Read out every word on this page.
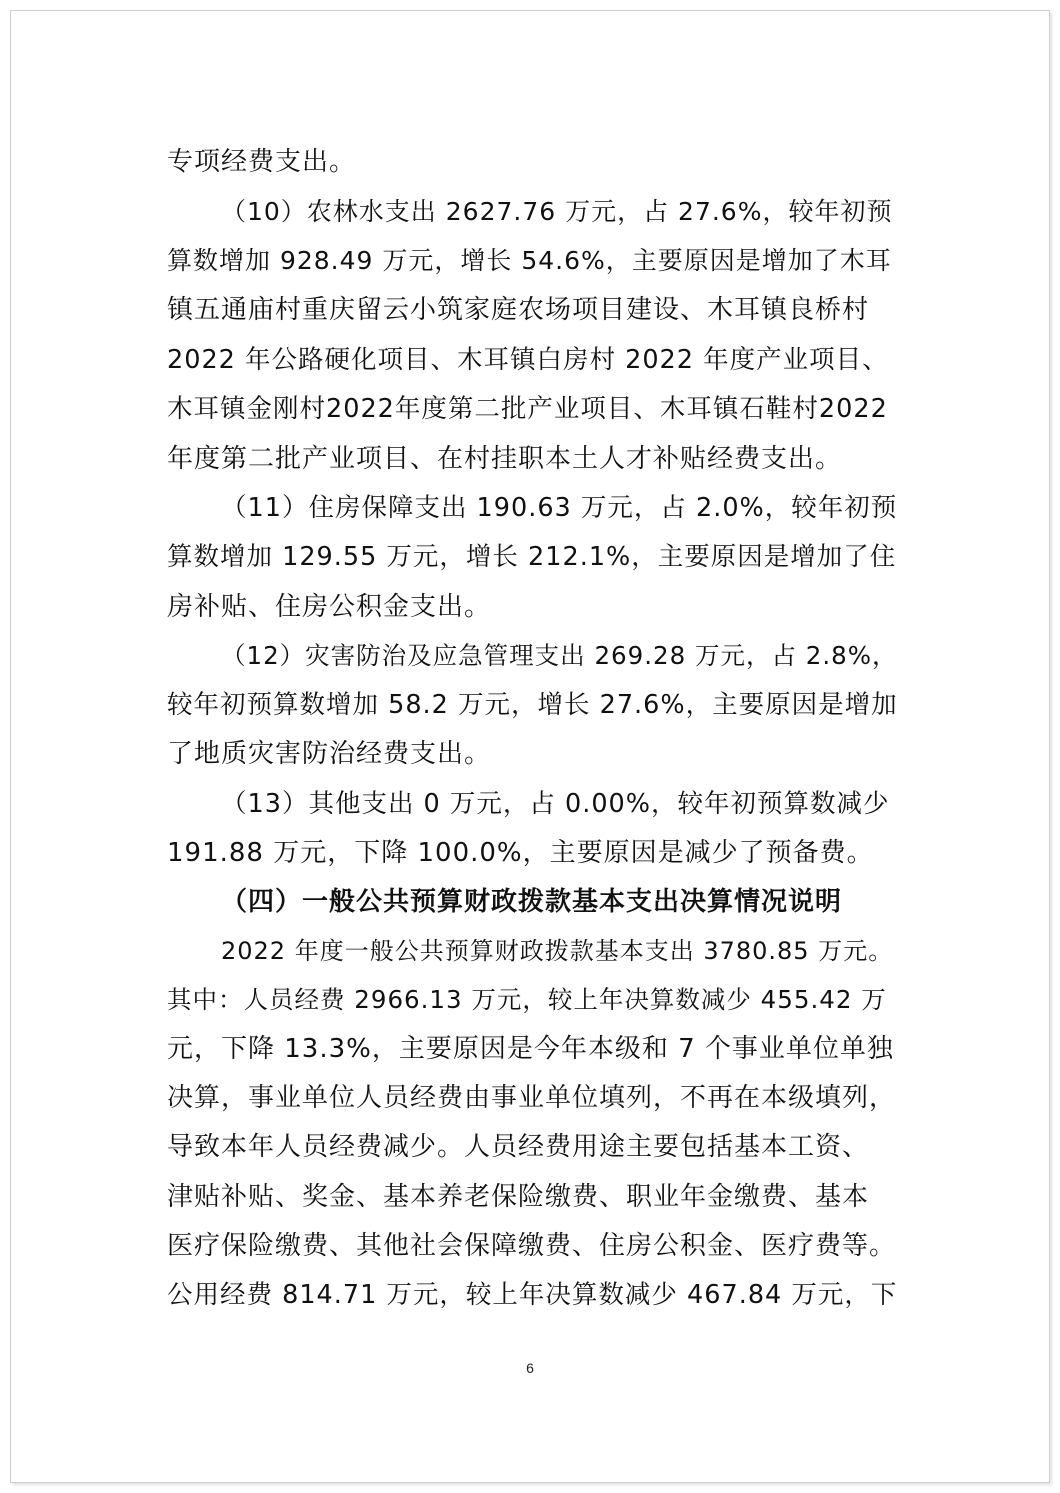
专项经费支出。
（10）农林水支出 2627.76 万元，占 27.6%，较年初预
算数增加 928.49 万元，增长 54.6%，主要原因是增加了木耳
镇五通庙村重庆留云小筑家庭农场项目建设、木耳镇良桥村
2022 年公路硬化项目、木耳镇白房村 2022 年度产业项目、
木耳镇金刚村2022年度第二批产业项目、木耳镇石鞋村2022
年度第二批产业项目、在村挂职本土人才补贴经费支出。
（11）住房保障支出 190.63 万元，占 2.0%，较年初预
算数增加 129.55 万元，增长 212.1%，主要原因是增加了住
房补贴、住房公积金支出。
（12）灾害防治及应急管理支出 269.28 万元，占 2.8%，
较年初预算数增加 58.2 万元，增长 27.6%，主要原因是增加
了地质灾害防治经费支出。
（13）其他支出 0 万元，占 0.00%，较年初预算数减少
191.88 万元，下降 100.0%，主要原因是减少了预备费。
（四）一般公共预算财政拨款基本支出决算情况说明
2022 年度一般公共预算财政拨款基本支出 3780.85 万元。
其中：人员经费 2966.13 万元，较上年决算数减少 455.42 万
元，下降 13.3%，主要原因是今年本级和 7 个事业单位单独
决算，事业单位人员经费由事业单位填列，不再在本级填列，
导致本年人员经费减少。人员经费用途主要包括基本工资、
津贴补贴、奖金、基本养老保险缴费、职业年金缴费、基本
医疗保险缴费、其他社会保障缴费、住房公积金、医疗费等。
公用经费 814.71 万元，较上年决算数减少 467.84 万元，下
6
